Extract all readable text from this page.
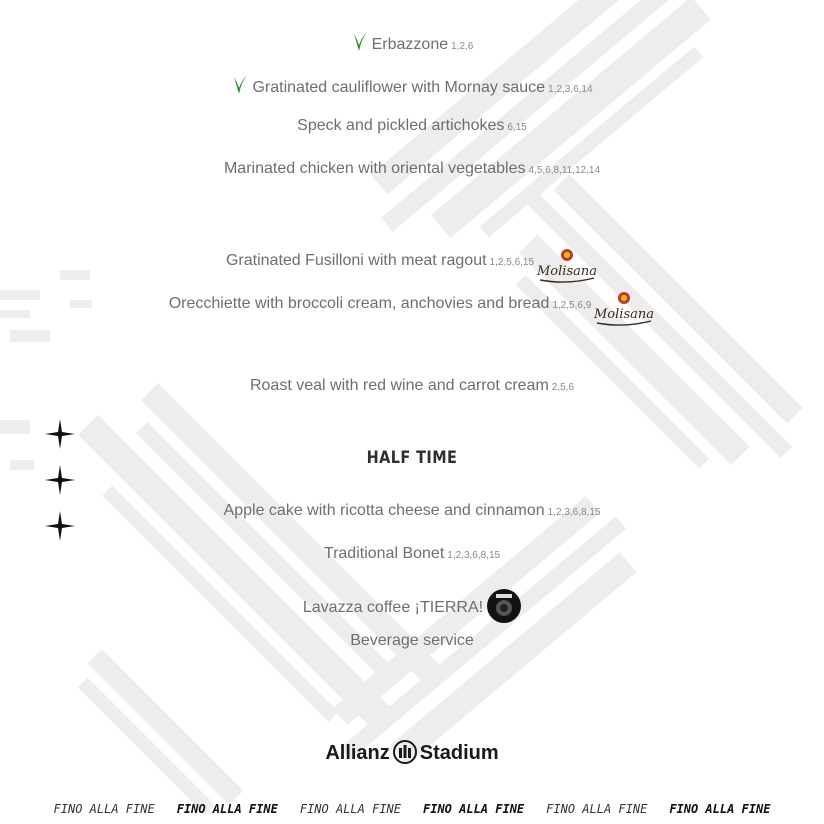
Erbazzone 1,2,6
Gratinated cauliflower with Mornay sauce 1,2,3,6,14
Speck and pickled artichokes 6,15
Marinated chicken with oriental vegetables 4,5,6,8,11,12,14
Gratinated Fusilloni with meat ragout 1,2,5,6,15
Molisana
Orecchiette with broccoli cream, anchovies and bread 1,2,5,6,9
Molisana
Roast veal with red wine and carrot cream 2,5,6
HALF TIME
Apple cake with ricotta cheese and cinnamon 1,2,3,6,8,15
Traditional Bonet 1,2,3,6,8,15
Lavazza coffee ¡TIERRA!
Beverage service
Allianz Stadium
FINO ALLA FINE FINO ALLA FINE FINO ALLA FINE FINO ALLA FINE FINO ALLA FINE FINO ALLA FINE
